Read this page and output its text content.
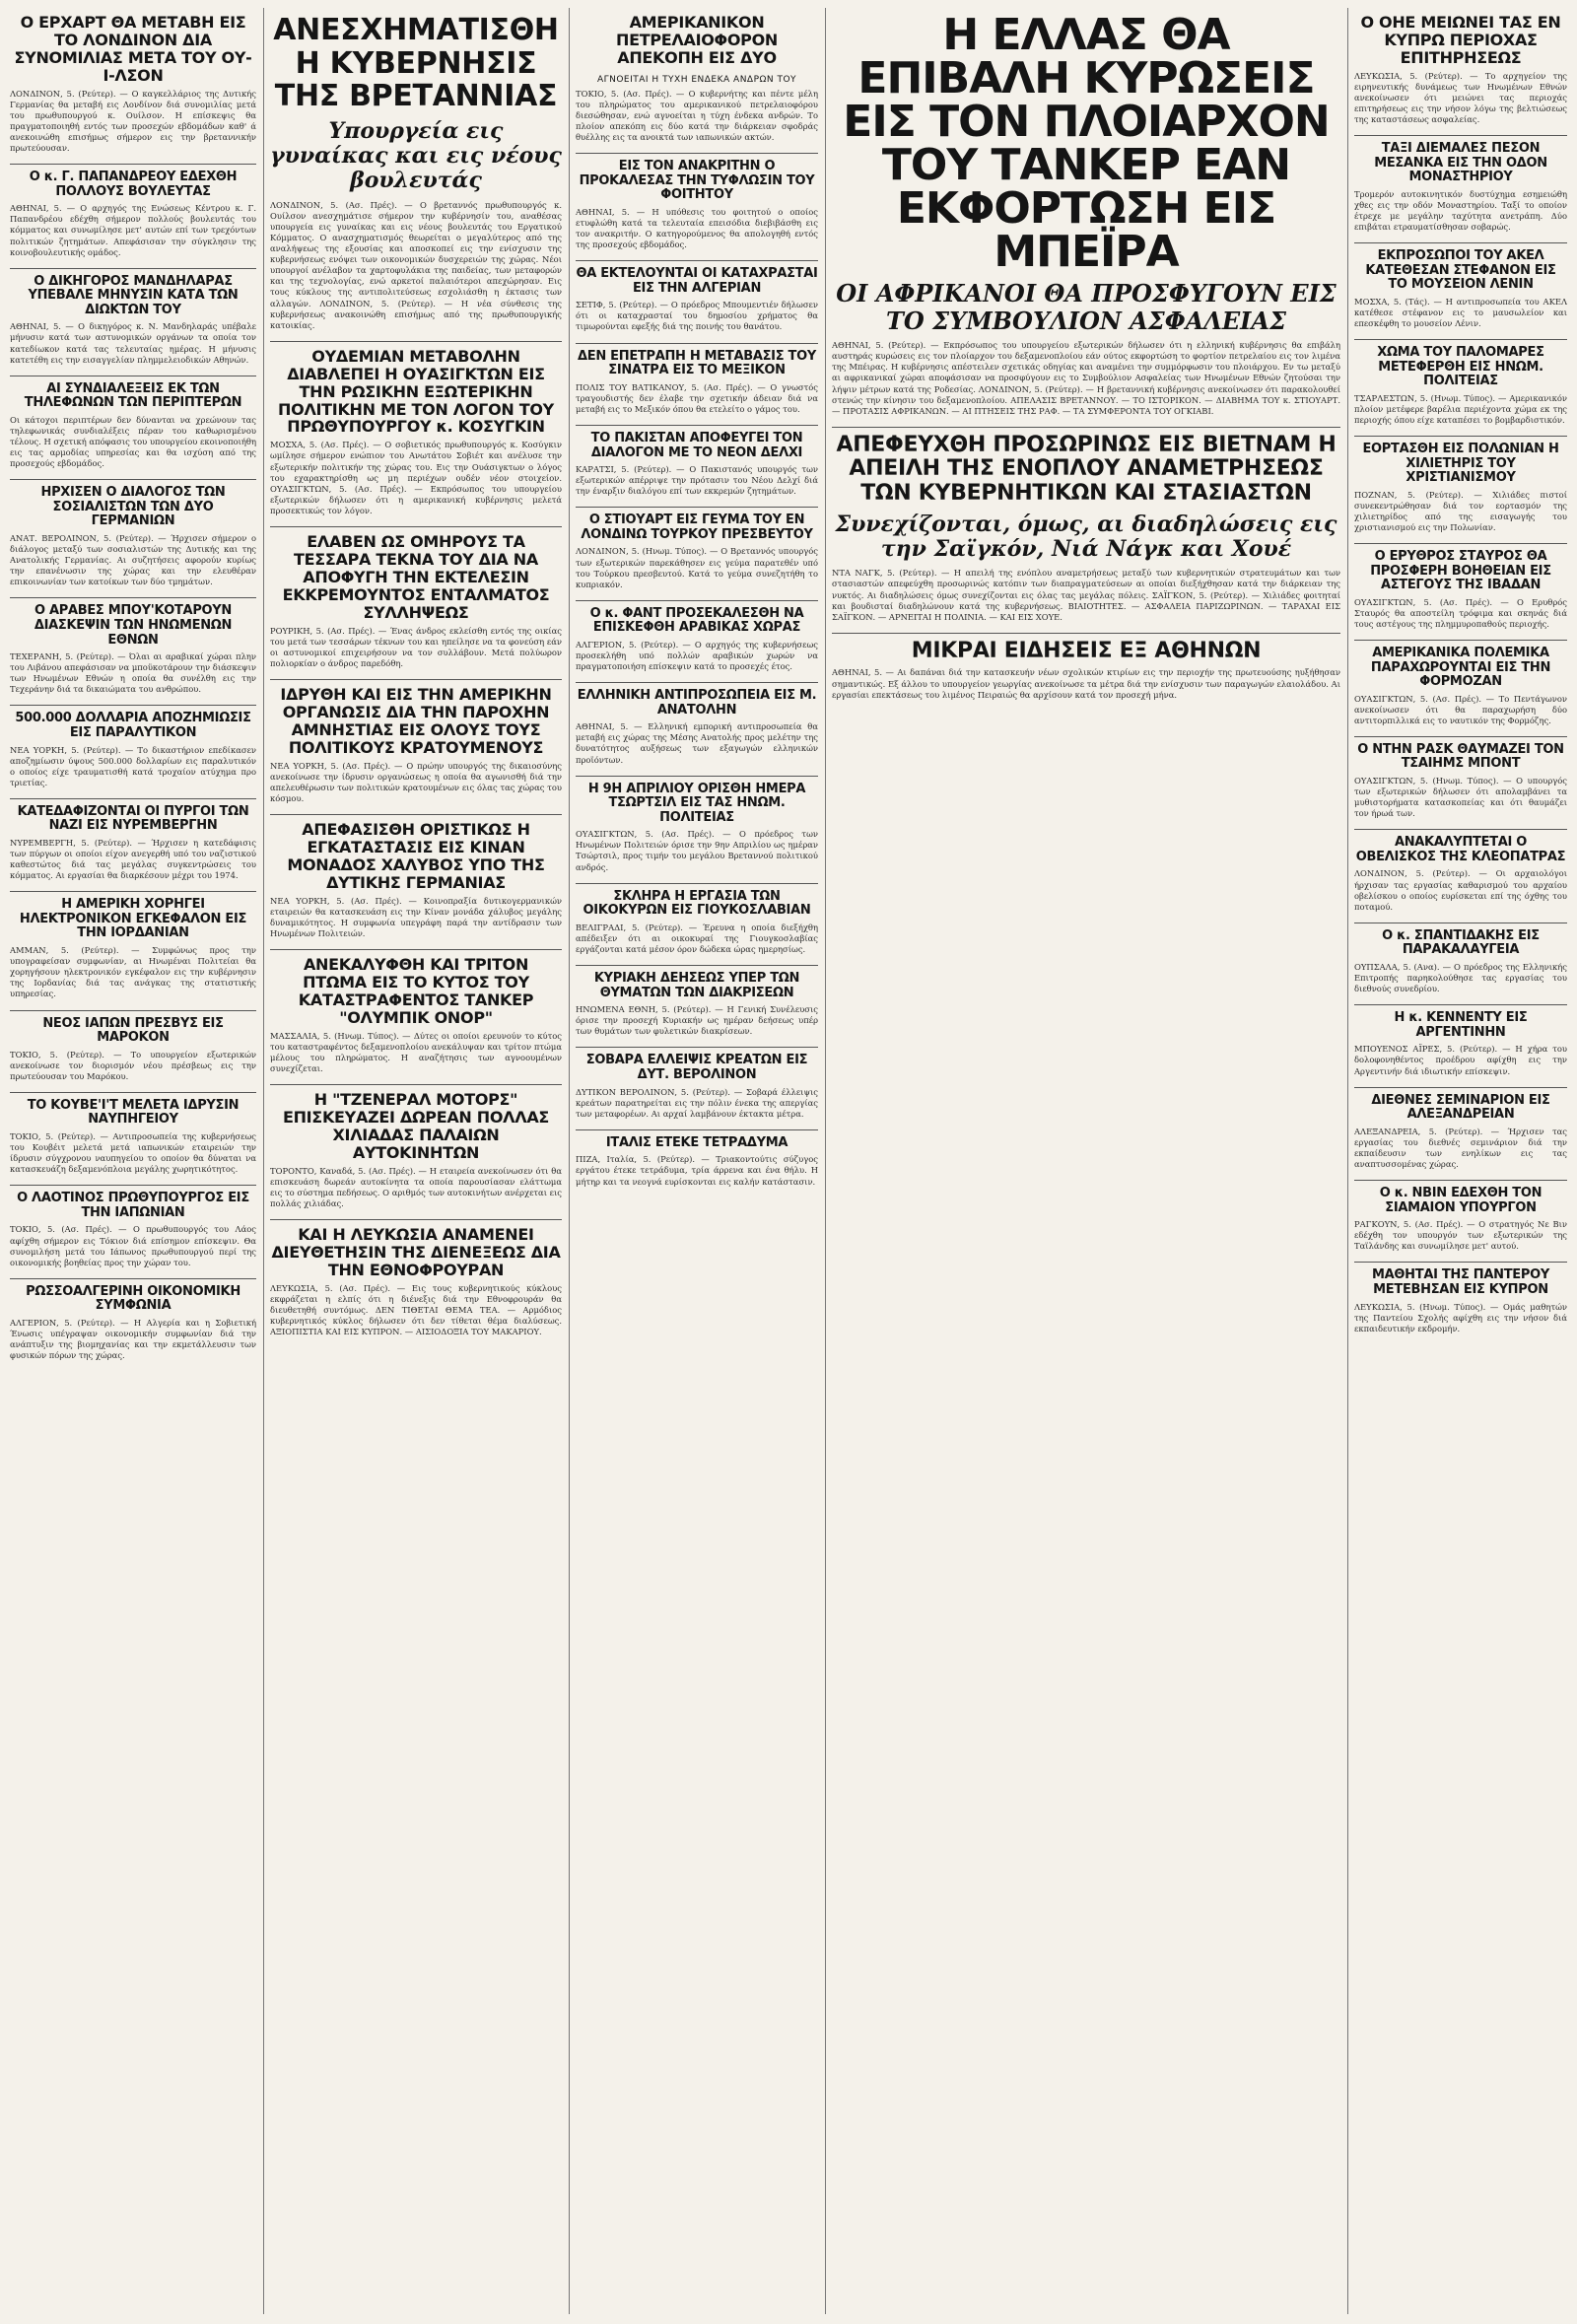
Ο ΕΡΧΑΡΤ ΘΑ ΜΕΤΑΒΗ ΕΙΣ ΤΟ ΛΟΝΔΙΝΟΝ ΔΙΑ ΣΥΝΟΜΙΛΙΑΣ ΜΕΤΑ ΤΟΥ ΟΥ-Ι-ΛΣΟΝ

ΛΟΝΔΙΝΟΝ, 5. (Ρεύτερ). — Ο καγκελλάριος της Δυτικής Γερμανίας θα μεταβή εις Λονδίνον διά συνομιλίας μετά του πρωθυπουργού κ. Ουίλσον. Η επίσκεψις θα πραγματοποιηθή εντός των προσεχών εβδομάδων καθ' ά ανεκοινώθη επισήμως σήμερον εις την βρεταννικήν πρωτεύουσαν.

Ο κ. Γ. ΠΑΠΑΝΔΡΕΟΥ ΕΔΕΧΘΗ ΠΟΛΛΟΥΣ ΒΟΥΛΕΥΤΑΣ

ΑΘΗΝΑΙ, 5. — Ο αρχηγός της Ενώσεως Κέντρου κ. Γ. Παπανδρέου εδέχθη σήμερον πολλούς βουλευτάς του κόμματος και συνωμίλησε μετ' αυτών επί των τρεχόντων πολιτικών ζητημάτων. Απεφάσισαν την σύγκλησιν της κοινοβουλευτικής ομάδος.

Ο ΔΙΚΗΓΟΡΟΣ ΜΑΝΔΗΛΑΡΑΣ ΥΠΕΒΑΛΕ ΜΗΝΥΣΙΝ ΚΑΤΑ ΤΩΝ ΔΙΩΚΤΩΝ ΤΟΥ

ΑΘΗΝΑΙ, 5. — Ο δικηγόρος κ. Ν. Μανδηλαράς υπέβαλε μήνυσιν κατά των αστυνομικών οργάνων τα οποία τον κατεδίωκον κατά τας τελευταίας ημέρας. Η μήνυσις κατετέθη εις την εισαγγελίαν πλημμελειοδικών Αθηνών.

ΑΙ ΣΥΝΔΙΑΛΕΞΕΙΣ ΕΚ ΤΩΝ ΤΗΛΕΦΩΝΩΝ ΤΩΝ ΠΕΡΙΠΤΕΡΩΝ

Οι κάτοχοι περιπτέρων δεν δύνανται να χρεώνουν τας τηλεφωνικάς συνδιαλέξεις πέραν του καθωρισμένου τέλους. Η σχετική απόφασις του υπουργείου εκοινοποιήθη εις τας αρμοδίας υπηρεσίας και θα ισχύση από της προσεχούς εβδομάδος.

ΗΡΧΙΣΕΝ Ο ΔΙΑΛΟΓΟΣ ΤΩΝ ΣΟΣΙΑΛΙΣΤΩΝ ΤΩΝ ΔΥΟ ΓΕΡΜΑΝΙΩΝ

ΑΝΑΤ. ΒΕΡΟΛΙΝΟΝ, 5. (Ρεύτερ). — Ήρχισεν σήμερον ο διάλογος μεταξύ των σοσιαλιστών της Δυτικής και της Ανατολικής Γερμανίας. Αι συζητήσεις αφορούν κυρίως την επανένωσιν της χώρας και την ελευθέραν επικοινωνίαν των κατοίκων των δύο τμημάτων.

Ο ΑΡΑΒΕΣ ΜΠΟΥ'ΚΟΤΑΡΟΥΝ ΔΙΑΣΚΕΨΙΝ ΤΩΝ ΗΝΩΜΕΝΩΝ ΕΘΝΩΝ

ΤΕΧΕΡΑΝΗ, 5. (Ρεύτερ). — Όλαι αι αραβικαί χώραι πλην του Λιβάνου απεφάσισαν να μποϋκοτάρουν την διάσκεψιν των Ηνωμένων Εθνών η οποία θα συνέλθη εις την Τεχεράνην διά τα δικαιώματα του ανθρώπου.

500.000 ΔΟΛΛΑΡΙΑ ΑΠΟΖΗΜΙΩΣΙΣ ΕΙΣ ΠΑΡΑΛΥΤΙΚΟΝ

ΝΕΑ ΥΟΡΚΗ, 5. (Ρεύτερ). — Το δικαστήριον επεδίκασεν αποζημίωσιν ύψους 500.000 δολλαρίων εις παραλυτικόν ο οποίος είχε τραυματισθή κατά τροχαίον ατύχημα προ τριετίας.

ΚΑΤΕΔΑΦΙΖΟΝΤΑΙ ΟΙ ΠΥΡΓΟΙ ΤΩΝ ΝΑΖΙ ΕΙΣ ΝΥΡΕΜΒΕΡΓΗΝ

ΝΥΡΕΜΒΕΡΓΗ, 5. (Ρεύτερ). — Ήρχισεν η κατεδάφισις των πύργων οι οποίοι είχον ανεγερθή υπό του ναζιστικού καθεστώτος διά τας μεγάλας συγκεντρώσεις του κόμματος. Αι εργασίαι θα διαρκέσουν μέχρι του 1974.

Η ΑΜΕΡΙΚΗ ΧΟΡΗΓΕΙ ΗΛΕΚΤΡΟΝΙΚΟΝ ΕΓΚΕΦΑΛΟΝ ΕΙΣ ΤΗΝ ΙΟΡΔΑΝΙΑΝ

ΑΜΜΑΝ, 5. (Ρεύτερ). — Συμφώνως προς την υπογραφείσαν συμφωνίαν, αι Ηνωμέναι Πολιτείαι θα χορηγήσουν ηλεκτρονικόν εγκέφαλον εις την κυβέρνησιν της Ιορδανίας διά τας ανάγκας της στατιστικής υπηρεσίας.

ΝΕΟΣ ΙΑΠΩΝ ΠΡΕΣΒΥΣ ΕΙΣ ΜΑΡΟΚΟΝ

ΤΟΚΙΟ, 5. (Ρεύτερ). — Το υπουργείον εξωτερικών ανεκοίνωσε τον διορισμόν νέου πρέσβεως εις την πρωτεύουσαν του Μαρόκου.

ΤΟ ΚΟΥΒΕ'Ι'Τ ΜΕΛΕΤΑ ΙΔΡΥΣΙΝ ΝΑΥΠΗΓΕΙΟΥ

ΤΟΚΙΟ, 5. (Ρεύτερ). — Αντιπροσωπεία της κυβερνήσεως του Κουβέιτ μελετά μετά ιαπωνικών εταιρειών την ίδρυσιν σύγχρονου ναυπηγείου το οποίον θα δύναται να κατασκευάζη δεξαμενόπλοια μεγάλης χωρητικότητος.

Ο ΛΑΟΤΙΝΟΣ ΠΡΩΘΥΠΟΥΡΓΟΣ ΕΙΣ ΤΗΝ ΙΑΠΩΝΙΑΝ

ΤΟΚΙΟ, 5. (Ασ. Πρές). — Ο πρωθυπουργός του Λάος αφίχθη σήμερον εις Τόκιον διά επίσημον επίσκεψιν. Θα συνομιλήση μετά του Ιάπωνος πρωθυπουργού περί της οικονομικής βοηθείας προς την χώραν του.

ΡΩΣΣΟΑΛΓΕΡΙΝΗ ΟΙΚΟΝΟΜΙΚΗ ΣΥΜΦΩΝΙΑ

ΑΛΓΕΡΙΟΝ, 5. (Ρεύτερ). — Η Αλγερία και η Σοβιετική Ένωσις υπέγραψαν οικονομικήν συμφωνίαν διά την ανάπτυξιν της βιομηχανίας και την εκμετάλλευσιν των φυσικών πόρων της χώρας.

ΑΝΕΣΧΗΜΑΤΙΣΘΗ Η ΚΥΒΕΡΝΗΣΙΣ ΤΗΣ ΒΡΕΤΑΝΝΙΑΣ
Υπουργεία εις γυναίκας και εις νέους βουλευτάς

ΛΟΝΔΙΝΟΝ, 5. (Ασ. Πρές). — Ο βρεταννός πρωθυπουργός κ. Ουίλσον ανεσχημάτισε σήμερον την κυβέρνησίν του, αναθέσας υπουργεία εις γυναίκας και εις νέους βουλευτάς του Εργατικού Κόμματος. Ο ανασχηματισμός θεωρείται ο μεγαλύτερος από της αναλήψεως της εξουσίας και αποσκοπεί εις την ενίσχυσιν της κυβερνήσεως ενόψει των οικονομικών δυσχερειών της χώρας. Νέοι υπουργοί ανέλαβον τα χαρτοφυλάκια της παιδείας, των μεταφορών και της τεχνολογίας, ενώ αρκετοί παλαιότεροι απεχώρησαν. Εις τους κύκλους της αντιπολιτεύσεως εσχολιάσθη η έκτασις των αλλαγών. ΛΟΝΔΙΝΟΝ, 5. (Ρεύτερ). — Η νέα σύνθεσις της κυβερνήσεως ανακοινώθη επισήμως από της πρωθυπουργικής κατοικίας.

ΟΥΔΕΜΙΑΝ ΜΕΤΑΒΟΛΗΝ ΔΙΑΒΛΕΠΕΙ Η ΟΥΑΣΙΓΚΤΩΝ ΕΙΣ ΤΗΝ ΡΩΣΙΚΗΝ ΕΞΩΤΕΡΙΚΗΝ ΠΟΛΙΤΙΚΗΝ ΜΕ ΤΟΝ ΛΟΓΟΝ ΤΟΥ ΠΡΩΘΥΠΟΥΡΓΟΥ κ. ΚΟΣΥΓΚΙΝ

ΜΟΣΧΑ, 5. (Ασ. Πρές). — Ο σοβιετικός πρωθυπουργός κ. Κοσύγκιν ωμίλησε σήμερον ενώπιον του Ανωτάτου Σοβιέτ και ανέλυσε την εξωτερικήν πολιτικήν της χώρας του. Εις την Ουάσιγκτων ο λόγος του εχαρακτηρίσθη ως μη περιέχων ουδέν νέον στοιχείον. ΟΥΑΣΙΓΚΤΩΝ, 5. (Ασ. Πρές). — Εκπρόσωπος του υπουργείου εξωτερικών δήλωσεν ότι η αμερικανική κυβέρνησις μελετά προσεκτικώς τον λόγον.

ΕΛΑΒΕΝ ΩΣ ΟΜΗΡΟΥΣ ΤΑ ΤΕΣΣΑΡΑ ΤΕΚΝΑ ΤΟΥ ΔΙΑ ΝΑ ΑΠΟΦΥΓΗ ΤΗΝ ΕΚΤΕΛΕΣΙΝ ΕΚΚΡΕΜΟΥΝΤΟΣ ΕΝΤΑΛΜΑΤΟΣ ΣΥΛΛΗΨΕΩΣ

ΡΟΥΡΙΚΗ, 5. (Ασ. Πρές). — Ένας άνδρος εκλείσθη εντός της οικίας του μετά των τεσσάρων τέκνων του και ηπείλησε να τα φονεύση εάν οι αστυνομικοί επιχειρήσουν να τον συλλάβουν. Μετά πολύωρον πολιορκίαν ο άνδρος παρεδόθη.

ΙΔΡΥΘΗ ΚΑΙ ΕΙΣ ΤΗΝ ΑΜΕΡΙΚΗΝ ΟΡΓΑΝΩΣΙΣ ΔΙΑ ΤΗΝ ΠΑΡΟΧΗΝ ΑΜΝΗΣΤΙΑΣ ΕΙΣ ΟΛΟΥΣ ΤΟΥΣ ΠΟΛΙΤΙΚΟΥΣ ΚΡΑΤΟΥΜΕΝΟΥΣ

ΝΕΑ ΥΟΡΚΗ, 5. (Ασ. Πρές). — Ο πρώην υπουργός της δικαιοσύνης ανεκοίνωσε την ίδρυσιν οργανώσεως η οποία θα αγωνισθή διά την απελευθέρωσιν των πολιτικών κρατουμένων εις όλας τας χώρας του κόσμου.

ΑΠΕΦΑΣΙΣΘΗ ΟΡΙΣΤΙΚΩΣ Η ΕΓΚΑΤΑΣΤΑΣΙΣ ΕΙΣ ΚΙΝΑΝ ΜΟΝΑΔΟΣ ΧΑΛΥΒΟΣ ΥΠΟ ΤΗΣ ΔΥΤΙΚΗΣ ΓΕΡΜΑΝΙΑΣ

ΝΕΑ ΥΟΡΚΗ, 5. (Ασ. Πρές). — Κοινοπραξία δυτικογερμανικών εταιρειών θα κατασκευάση εις την Κίναν μονάδα χάλυβος μεγάλης δυναμικότητος. Η συμφωνία υπεγράφη παρά την αντίδρασιν των Ηνωμένων Πολιτειών.

ΑΝΕΚΑΛΥΦΘΗ ΚΑΙ ΤΡΙΤΟΝ ΠΤΩΜΑ ΕΙΣ ΤΟ ΚΥΤΟΣ ΤΟΥ ΚΑΤΑΣΤΡΑΦΕΝΤΟΣ ΤΑΝΚΕΡ "ΟΛΥΜΠΙΚ ΟΝΟΡ"

ΜΑΣΣΑΛΙΑ, 5. (Ηνωμ. Τύπος). — Δύτες οι οποίοι ερευνούν το κύτος του καταστραφέντος δεξαμενοπλοίου ανεκάλυψαν και τρίτον πτώμα μέλους του πληρώματος. Η αναζήτησις των αγνοουμένων συνεχίζεται.

Η "ΤΖΕΝΕΡΑΛ ΜΟΤΟΡΣ" ΕΠΙΣΚΕΥΑΖΕΙ ΔΩΡΕΑΝ ΠΟΛΛΑΣ ΧΙΛΙΑΔΑΣ ΠΑΛΑΙΩΝ ΑΥΤΟΚΙΝΗΤΩΝ

ΤΟΡΟΝΤΟ, Καναδά, 5. (Ασ. Πρές). — Η εταιρεία ανεκοίνωσεν ότι θα επισκευάση δωρεάν αυτοκίνητα τα οποία παρουσίασαν ελάττωμα εις το σύστημα πεδήσεως. Ο αριθμός των αυτοκινήτων ανέρχεται εις πολλάς χιλιάδας.

ΚΑΙ Η ΛΕΥΚΩΣΙΑ ΑΝΑΜΕΝΕΙ ΔΙΕΥΘΕΤΗΣΙΝ ΤΗΣ ΔΙΕΝΕΞΕΩΣ ΔΙΑ ΤΗΝ ΕΘΝΟΦΡΟΥΡΑΝ

ΛΕΥΚΩΣΙΑ, 5. (Ασ. Πρές). — Εις τους κυβερνητικούς κύκλους εκφράζεται η ελπίς ότι η διένεξις διά την Εθνοφρουράν θα διευθετηθή συντόμως. ΔΕΝ ΤΙΘΕΤΑΙ ΘΕΜΑ ΤΕΑ. — Αρμόδιος κυβερνητικός κύκλος δήλωσεν ότι δεν τίθεται θέμα διαλύσεως. ΑΞΙΟΠΙΣΤΙΑ ΚΑΙ ΕΙΣ ΚΥΠΡΟΝ. — ΑΙΣΙΟΔΟΞΙΑ ΤΟΥ ΜΑΚΑΡΙΟΥ.

ΑΜΕΡΙΚΑΝΙΚΟΝ ΠΕΤΡΕΛΑΙΟΦΟΡΟΝ ΑΠΕΚΟΠΗ ΕΙΣ ΔΥΟ
ΑΓΝΟΕΙΤΑΙ Η ΤΥΧΗ ΕΝΔΕΚΑ ΑΝΔΡΩΝ ΤΟΥ

ΤΟΚΙΟ, 5. (Ασ. Πρές). — Ο κυβερνήτης και πέντε μέλη του πληρώματος του αμερικανικού πετρελαιοφόρου διεσώθησαν, ενώ αγνοείται η τύχη ένδεκα ανδρών. Το πλοίον απεκόπη εις δύο κατά την διάρκειαν σφοδράς θυέλλης εις τα ανοικτά των ιαπωνικών ακτών.

ΕΙΣ ΤΟΝ ΑΝΑΚΡΙΤΗΝ Ο ΠΡΟΚΑΛΕΣΑΣ ΤΗΝ ΤΥΦΛΩΣΙΝ ΤΟΥ ΦΟΙΤΗΤΟΥ

ΑΘΗΝΑΙ, 5. — Η υπόθεσις του φοιτητού ο οποίος ετυφλώθη κατά τα τελευταία επεισόδια διεβιβάσθη εις τον ανακριτήν. Ο κατηγορούμενος θα απολογηθή εντός της προσεχούς εβδομάδος.

ΘΑ ΕΚΤΕΛΟΥΝΤΑΙ ΟΙ ΚΑΤΑΧΡΑΣΤΑΙ ΕΙΣ ΤΗΝ ΑΛΓΕΡΙΑΝ

ΣΕΤΙΦ, 5. (Ρεύτερ). — Ο πρόεδρος Μπουμεντιέν δήλωσεν ότι οι καταχρασταί του δημοσίου χρήματος θα τιμωρούνται εφεξής διά της ποινής του θανάτου.

ΔΕΝ ΕΠΕΤΡΑΠΗ Η ΜΕΤΑΒΑΣΙΣ ΤΟΥ ΣΙΝΑΤΡΑ ΕΙΣ ΤΟ ΜΕΞΙΚΟΝ

ΠΟΛΙΣ ΤΟΥ ΒΑΤΙΚΑΝΟΥ, 5. (Ασ. Πρές). — Ο γνωστός τραγουδιστής δεν έλαβε την σχετικήν άδειαν διά να μεταβή εις το Μεξικόν όπου θα ετελείτο ο γάμος του.

ΤΟ ΠΑΚΙΣΤΑΝ ΑΠΟΦΕΥΓΕΙ ΤΟΝ ΔΙΑΛΟΓΟΝ ΜΕ ΤΟ ΝΕΟΝ ΔΕΛΧΙ

ΚΑΡΑΤΣΙ, 5. (Ρεύτερ). — Ο Πακιστανός υπουργός των εξωτερικών απέρριψε την πρότασιν του Νέου Δελχί διά την έναρξιν διαλόγου επί των εκκρεμών ζητημάτων.

Ο ΣΤΙΟΥΑΡΤ ΕΙΣ ΓΕΥΜΑ ΤΟΥ ΕΝ ΛΟΝΔΙΝΩ ΤΟΥΡΚΟΥ ΠΡΕΣΒΕΥΤΟΥ

ΛΟΝΔΙΝΟΝ, 5. (Ηνωμ. Τύπος). — Ο Βρεταννός υπουργός των εξωτερικών παρεκάθησεν εις γεύμα παρατεθέν υπό του Τούρκου πρεσβευτού. Κατά το γεύμα συνεζητήθη το κυπριακόν.

Ο κ. ΦΑΝΤ ΠΡΟΣΕΚΑΛΕΣΘΗ ΝΑ ΕΠΙΣΚΕΦΘΗ ΑΡΑΒΙΚΑΣ ΧΩΡΑΣ

ΑΛΓΕΡΙΟΝ, 5. (Ρεύτερ). — Ο αρχηγός της κυβερνήσεως προσεκλήθη υπό πολλών αραβικών χωρών να πραγματοποιήση επίσκεψιν κατά το προσεχές έτος.

ΕΛΛΗΝΙΚΗ ΑΝΤΙΠΡΟΣΩΠΕΙΑ ΕΙΣ Μ. ΑΝΑΤΟΛΗΝ

ΑΘΗΝΑΙ, 5. — Ελληνική εμπορική αντιπροσωπεία θα μεταβή εις χώρας της Μέσης Ανατολής προς μελέτην της δυνατότητος αυξήσεως των εξαγωγών ελληνικών προϊόντων.

Η 9Η ΑΠΡΙΛΙΟΥ ΟΡΙΣΘΗ ΗΜΕΡΑ ΤΣΩΡΤΣΙΛ ΕΙΣ ΤΑΣ ΗΝΩΜ. ΠΟΛΙΤΕΙΑΣ

ΟΥΑΣΙΓΚΤΩΝ, 5. (Ασ. Πρές). — Ο πρόεδρος των Ηνωμένων Πολιτειών όρισε την 9ην Απριλίου ως ημέραν Τσώρτσιλ, προς τιμήν του μεγάλου Βρεταννού πολιτικού ανδρός.

ΣΚΛΗΡΑ Η ΕΡΓΑΣΙΑ ΤΩΝ ΟΙΚΟΚΥΡΩΝ ΕΙΣ ΓΙΟΥΚΟΣΛΑΒΙΑΝ

ΒΕΛΙΓΡΑΔΙ, 5. (Ρεύτερ). — Έρευνα η οποία διεξήχθη απέδειξεν ότι αι οικοκυραί της Γιουγκοσλαβίας εργάζονται κατά μέσον όρον δώδεκα ώρας ημερησίως.

ΚΥΡΙΑΚΗ ΔΕΗΣΕΩΣ ΥΠΕΡ ΤΩΝ ΘΥΜΑΤΩΝ ΤΩΝ ΔΙΑΚΡΙΣΕΩΝ

ΗΝΩΜΕΝΑ ΕΘΝΗ, 5. (Ρεύτερ). — Η Γενική Συνέλευσις όρισε την προσεχή Κυριακήν ως ημέραν δεήσεως υπέρ των θυμάτων των φυλετικών διακρίσεων.

ΣΟΒΑΡΑ ΕΛΛΕΙΨΙΣ ΚΡΕΑΤΩΝ ΕΙΣ ΔΥΤ. ΒΕΡΟΛΙΝΟΝ

ΔΥΤΙΚΟΝ ΒΕΡΟΛΙΝΟΝ, 5. (Ρεύτερ). — Σοβαρά έλλειψις κρεάτων παρατηρείται εις την πόλιν ένεκα της απεργίας των μεταφορέων. Αι αρχαί λαμβάνουν έκτακτα μέτρα.

ΙΤΑΛΙΣ ΕΤΕΚΕ ΤΕΤΡΑΔΥΜΑ

ΠΙΖΑ, Ιταλία, 5. (Ρεύτερ). — Τριακοντούτις σύζυγος εργάτου έτεκε τετράδυμα, τρία άρρενα και ένα θήλυ. Η μήτηρ και τα νεογνά ευρίσκονται εις καλήν κατάστασιν.

Η ΕΛΛΑΣ ΘΑ ΕΠΙΒΑΛΗ ΚΥΡΩΣΕΙΣ ΕΙΣ ΤΟΝ ΠΛΟΙΑΡΧΟΝ ΤΟΥ ΤΑΝΚΕΡ ΕΑΝ ΕΚΦΟΡΤΩΣΗ ΕΙΣ ΜΠΕΪΡΑ
ΟΙ ΑΦΡΙΚΑΝΟΙ ΘΑ ΠΡΟΣΦΥΓΟΥΝ ΕΙΣ ΤΟ ΣΥΜΒΟΥΛΙΟΝ ΑΣΦΑΛΕΙΑΣ

ΑΘΗΝΑΙ, 5. (Ρεύτερ). — Εκπρόσωπος του υπουργείου εξωτερικών δήλωσεν ότι η ελληνική κυβέρνησις θα επιβάλη αυστηράς κυρώσεις εις τον πλοίαρχον του δεξαμενοπλοίου εάν ούτος εκφορτώση το φορτίον πετρελαίου εις τον λιμένα της Μπέιρας. Η κυβέρνησις απέστειλεν σχετικάς οδηγίας και αναμένει την συμμόρφωσιν του πλοιάρχου. Εν τω μεταξύ αι αφρικανικαί χώραι αποφάσισαν να προσφύγουν εις το Συμβούλιον Ασφαλείας των Ηνωμένων Εθνών ζητούσαι την λήψιν μέτρων κατά της Ροδεσίας. ΛΟΝΔΙΝΟΝ, 5. (Ρεύτερ). — Η βρεταννική κυβέρνησις ανεκοίνωσεν ότι παρακολουθεί στενώς την κίνησιν του δεξαμενοπλοίου. ΑΠΕΛΑΣΙΣ ΒΡΕΤΑΝΝΟΥ. — ΤΟ ΙΣΤΟΡΙΚΟΝ. — ΔΙΑΒΗΜΑ ΤΟΥ κ. ΣΤΙΟΥΑΡΤ. — ΠΡΟΤΑΣΙΣ ΑΦΡΙΚΑΝΩΝ. — ΑΙ ΠΤΗΣΕΙΣ ΤΗΣ ΡΑΦ. — ΤΑ ΣΥΜΦΕΡΟΝΤΑ ΤΟΥ ΟΓΚΙΑΒΙ.

ΑΠΕΦΕΥΧΘΗ ΠΡΟΣΩΡΙΝΩΣ ΕΙΣ ΒΙΕΤΝΑΜ Η ΑΠΕΙΛΗ ΤΗΣ ΕΝΟΠΛΟΥ ΑΝΑΜΕΤΡΗΣΕΩΣ ΤΩΝ ΚΥΒΕΡΝΗΤΙΚΩΝ ΚΑΙ ΣΤΑΣΙΑΣΤΩΝ
Συνεχίζονται, όμως, αι διαδηλώσεις εις την Σαϊγκόν, Νιά Νάγκ και Χουέ

ΝΤΑ ΝΑΓΚ, 5. (Ρεύτερ). — Η απειλή της ενόπλου αναμετρήσεως μεταξύ των κυβερνητικών στρατευμάτων και των στασιαστών απεφεύχθη προσωρινώς κατόπιν των διαπραγματεύσεων αι οποίαι διεξήχθησαν κατά την διάρκειαν της νυκτός. Αι διαδηλώσεις όμως συνεχίζονται εις όλας τας μεγάλας πόλεις. ΣΑΪΓΚΟΝ, 5. (Ρεύτερ). — Χιλιάδες φοιτηταί και βουδισταί διαδηλώνουν κατά της κυβερνήσεως. ΒΙΑΙΟΤΗΤΕΣ. — ΑΣΦΑΛΕΙΑ ΠΑΡΙΖΩΡΙΝΩΝ. — ΤΑΡΑΧΑΙ ΕΙΣ ΣΑΪΓΚΟΝ. — ΑΡΝΕΙΤΑΙ Η ΠΟΛΙΝΙΑ. — ΚΑΙ ΕΙΣ ΧΟΥΕ.

ΜΙΚΡΑΙ ΕΙΔΗΣΕΙΣ ΕΞ ΑΘΗΝΩΝ

ΑΘΗΝΑΙ, 5. — Αι δαπάναι διά την κατασκευήν νέων σχολικών κτιρίων εις την περιοχήν της πρωτευούσης ηυξήθησαν σημαντικώς. Εξ άλλου το υπουργείον γεωργίας ανεκοίνωσε τα μέτρα διά την ενίσχυσιν των παραγωγών ελαιολάδου. Αι εργασίαι επεκτάσεως του λιμένος Πειραιώς θα αρχίσουν κατά τον προσεχή μήνα.

Ο ΟΗΕ ΜΕΙΩΝΕΙ ΤΑΣ ΕΝ ΚΥΠΡΩ ΠΕΡΙΟΧΑΣ ΕΠΙΤΗΡΗΣΕΩΣ

ΛΕΥΚΩΣΙΑ, 5. (Ρεύτερ). — Το αρχηγείον της ειρηνευτικής δυνάμεως των Ηνωμένων Εθνών ανεκοίνωσεν ότι μειώνει τας περιοχάς επιτηρήσεως εις την νήσον λόγω της βελτιώσεως της καταστάσεως ασφαλείας.

ΤΑΞΙ ΔΙΕΜΑΛΕΣ ΠΕΣΟΝ ΜΕΣΑΝΚΑ ΕΙΣ ΤΗΝ ΟΔΟΝ ΜΟΝΑΣΤΗΡΙΟΥ

Τρομερόν αυτοκινητικόν δυστύχημα εσημειώθη χθες εις την οδόν Μοναστηρίου. Ταξί το οποίον έτρεχε με μεγάλην ταχύτητα ανετράπη. Δύο επιβάται ετραυματίσθησαν σοβαρώς.

ΕΚΠΡΟΣΩΠΟΙ ΤΟΥ ΑΚΕΛ ΚΑΤΕΘΕΣΑΝ ΣΤΕΦΑΝΟΝ ΕΙΣ ΤΟ ΜΟΥΣΕΙΟΝ ΛΕΝΙΝ

ΜΟΣΧΑ, 5. (Τάς). — Η αντιπροσωπεία του ΑΚΕΛ κατέθεσε στέφανον εις το μαυσωλείον και επεσκέφθη το μουσείον Λένιν.

ΧΩΜΑ ΤΟΥ ΠΑΛΟΜΑΡΕΣ ΜΕΤΕΦΕΡΘΗ ΕΙΣ ΗΝΩΜ. ΠΟΛΙΤΕΙΑΣ

ΤΣΑΡΛΕΣΤΩΝ, 5. (Ηνωμ. Τύπος). — Αμερικανικόν πλοίον μετέφερε βαρέλια περιέχοντα χώμα εκ της περιοχής όπου είχε καταπέσει το βομβαρδιστικόν.

ΕΟΡΤΑΣΘΗ ΕΙΣ ΠΟΛΩΝΙΑΝ Η ΧΙΛΙΕΤΗΡΙΣ ΤΟΥ ΧΡΙΣΤΙΑΝΙΣΜΟΥ

ΠΟΖΝΑΝ, 5. (Ρεύτερ). — Χιλιάδες πιστοί συνεκεντρώθησαν διά τον εορτασμόν της χιλιετηρίδος από της εισαγωγής του χριστιανισμού εις την Πολωνίαν.

Ο ΕΡΥΘΡΟΣ ΣΤΑΥΡΟΣ ΘΑ ΠΡΟΣΦΕΡΗ ΒΟΗΘΕΙΑΝ ΕΙΣ ΑΣΤΕΓΟΥΣ ΤΗΣ ΙΒΑΔΑΝ

ΟΥΑΣΙΓΚΤΩΝ, 5. (Ασ. Πρές). — Ο Ερυθρός Σταυρός θα αποστείλη τρόφιμα και σκηνάς διά τους αστέγους της πλημμυροπαθούς περιοχής.

ΑΜΕΡΙΚΑΝΙΚΑ ΠΟΛΕΜΙΚΑ ΠΑΡΑΧΩΡΟΥΝΤΑΙ ΕΙΣ ΤΗΝ ΦΟΡΜΟΖΑΝ

ΟΥΑΣΙΓΚΤΩΝ, 5. (Ασ. Πρές). — Το Πεντάγωνον ανεκοίνωσεν ότι θα παραχωρήση δύο αντιτορπιλλικά εις το ναυτικόν της Φορμόζης.

Ο ΝΤΗΝ ΡΑΣΚ ΘΑΥΜΑΖΕΙ ΤΟΝ ΤΣΑΙΗΜΣ ΜΠΟΝΤ

ΟΥΑΣΙΓΚΤΩΝ, 5. (Ηνωμ. Τύπος). — Ο υπουργός των εξωτερικών δήλωσεν ότι απολαμβάνει τα μυθιστορήματα κατασκοπείας και ότι θαυμάζει τον ήρωά των.

ΑΝΑΚΑΛΥΠΤΕΤΑΙ Ο ΟΒΕΛΙΣΚΟΣ ΤΗΣ ΚΛΕΟΠΑΤΡΑΣ

ΛΟΝΔΙΝΟΝ, 5. (Ρεύτερ). — Οι αρχαιολόγοι ήρχισαν τας εργασίας καθαρισμού του αρχαίου οβελίσκου ο οποίος ευρίσκεται επί της όχθης του ποταμού.

Ο κ. ΣΠΑΝΤΙΔΑΚΗΣ ΕΙΣ ΠΑΡΑΚΑΛΑΥΓΕΙΑ

ΟΥΠΣΑΛΑ, 5. (Ανα). — Ο πρόεδρος της Ελληνικής Επιτροπής παρηκολούθησε τας εργασίας του διεθνούς συνεδρίου.

Η κ. ΚΕΝΝΕΝΤΥ ΕΙΣ ΑΡΓΕΝΤΙΝΗΝ

ΜΠΟΥΕΝΟΣ ΑΪΡΕΣ, 5. (Ρεύτερ). — Η χήρα του δολοφονηθέντος προέδρου αφίχθη εις την Αργεντινήν διά ιδιωτικήν επίσκεψιν.

ΔΙΕΘΝΕΣ ΣΕΜΙΝΑΡΙΟΝ ΕΙΣ ΑΛΕΞΑΝΔΡΕΙΑΝ

ΑΛΕΞΑΝΔΡΕΙΑ, 5. (Ρεύτερ). — Ήρχισεν τας εργασίας του διεθνές σεμινάριον διά την εκπαίδευσιν των ενηλίκων εις τας αναπτυσσομένας χώρας.

Ο κ. ΝΒΙΝ ΕΔΕΧΘΗ ΤΟΝ ΣΙΑΜΑΙΟΝ ΥΠΟΥΡΓΟΝ

ΡΑΓΚΟΥΝ, 5. (Ασ. Πρές). — Ο στρατηγός Νε Βιν εδέχθη τον υπουργόν των εξωτερικών της Ταϊλάνδης και συνωμίλησε μετ' αυτού.

ΜΑΘΗΤΑΙ ΤΗΣ ΠΑΝΤΕΡΟΥ ΜΕΤΕΒΗΣΑΝ ΕΙΣ ΚΥΠΡΟΝ

ΛΕΥΚΩΣΙΑ, 5. (Ηνωμ. Τύπος). — Ομάς μαθητών της Παντείου Σχολής αφίχθη εις την νήσον διά εκπαιδευτικήν εκδρομήν.
